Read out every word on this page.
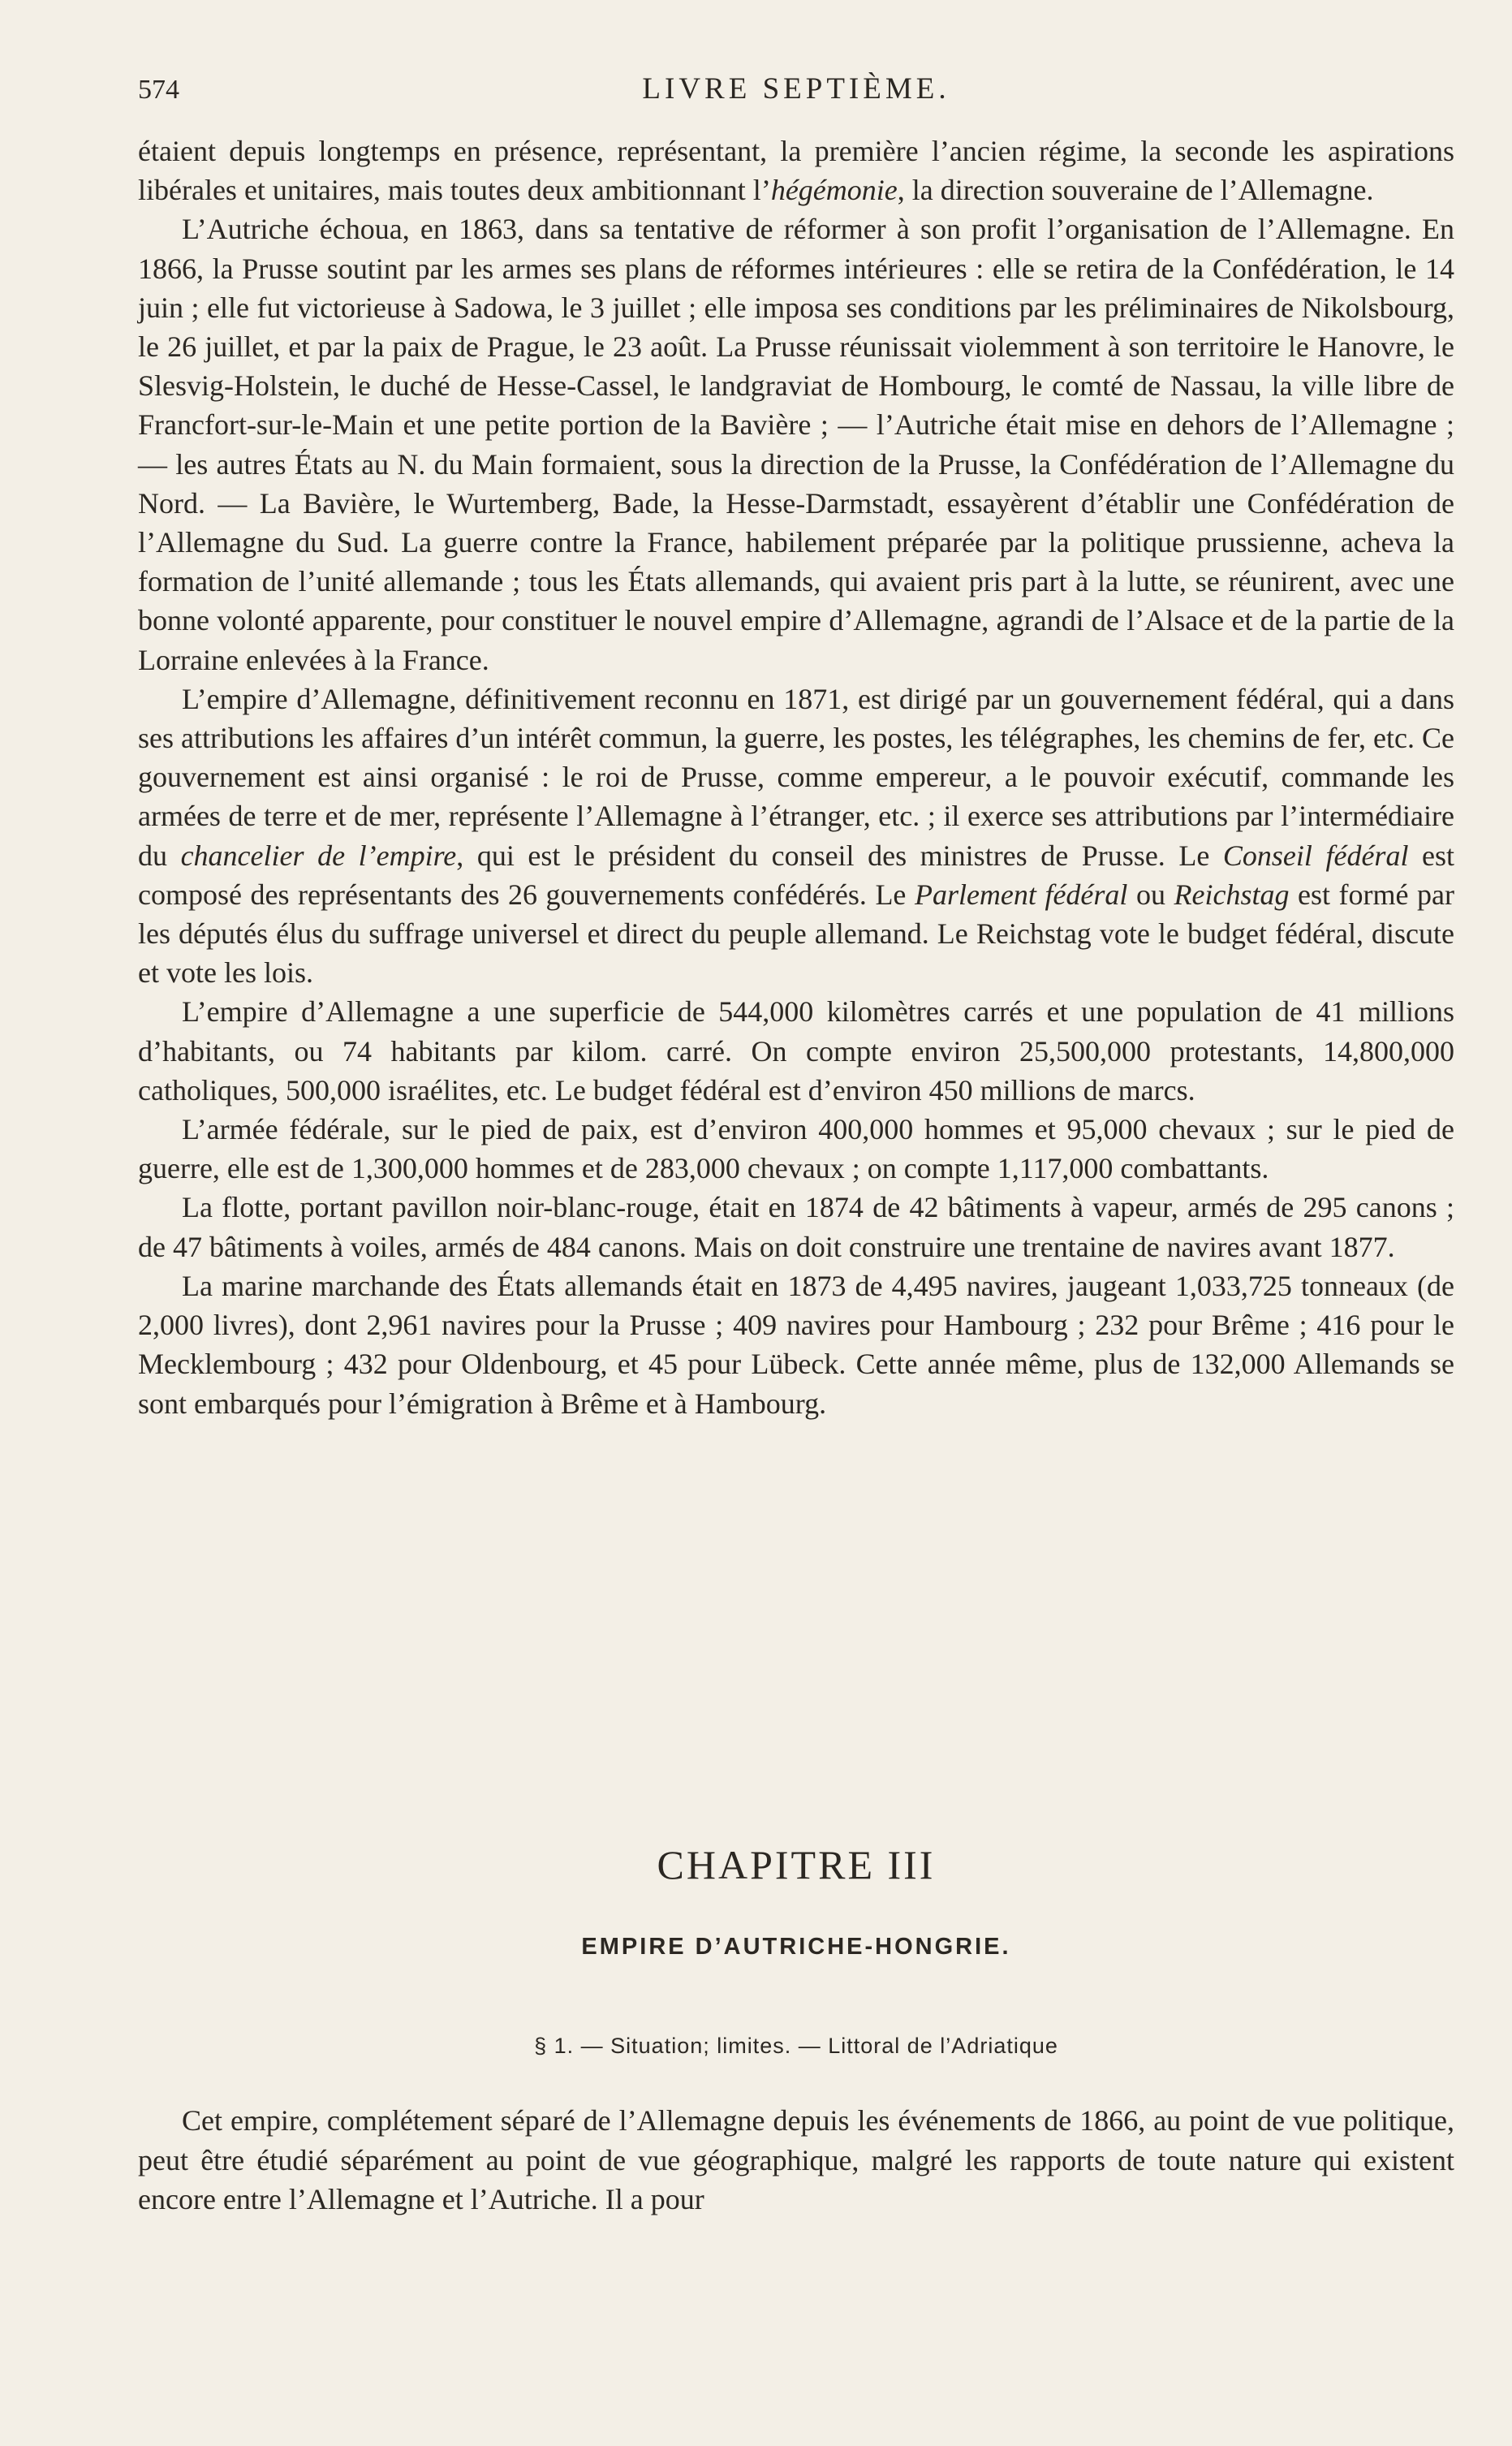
574	LIVRE SEPTIÈME.

étaient depuis longtemps en présence, représentant, la première l’ancien régime, la seconde les aspirations libérales et unitaires, mais toutes deux ambitionnant l’hégémonie, la direction souveraine de l’Allemagne.

L’Autriche échoua, en 1863, dans sa tentative de réformer à son profit l’organisation de l’Allemagne. En 1866, la Prusse soutint par les armes ses plans de réformes intérieures : elle se retira de la Confédération, le 14 juin ; elle fut victorieuse à Sadowa, le 3 juillet ; elle imposa ses conditions par les préliminaires de Nikolsbourg, le 26 juillet, et par la paix de Prague, le 23 août. La Prusse réunissait violemment à son territoire le Hanovre, le Slesvig-Holstein, le duché de Hesse-Cassel, le landgraviat de Hombourg, le comté de Nassau, la ville libre de Francfort-sur-le-Main et une petite portion de la Bavière ; — l’Autriche était mise en dehors de l’Allemagne ; — les autres États au N. du Main formaient, sous la direction de la Prusse, la Confédération de l’Allemagne du Nord. — La Bavière, le Wurtemberg, Bade, la Hesse-Darmstadt, essayèrent d’établir une Confédération de l’Allemagne du Sud. La guerre contre la France, habilement préparée par la politique prussienne, acheva la formation de l’unité allemande ; tous les États allemands, qui avaient pris part à la lutte, se réunirent, avec une bonne volonté apparente, pour constituer le nouvel empire d’Allemagne, agrandi de l’Alsace et de la partie de la Lorraine enlevées à la France.

L’empire d’Allemagne, définitivement reconnu en 1871, est dirigé par un gouvernement fédéral, qui a dans ses attributions les affaires d’un intérêt commun, la guerre, les postes, les télégraphes, les chemins de fer, etc. Ce gouvernement est ainsi organisé : le roi de Prusse, comme empereur, a le pouvoir exécutif, commande les armées de terre et de mer, représente l’Allemagne à l’étranger, etc. ; il exerce ses attributions par l’intermédiaire du chancelier de l’empire, qui est le président du conseil des ministres de Prusse. Le Conseil fédéral est composé des représentants des 26 gouvernements confédérés. Le Parlement fédéral ou Reichstag est formé par les députés élus du suffrage universel et direct du peuple allemand. Le Reichstag vote le budget fédéral, discute et vote les lois.

L’empire d’Allemagne a une superficie de 544,000 kilomètres carrés et une population de 41 millions d’habitants, ou 74 habitants par kilom. carré. On compte environ 25,500,000 protestants, 14,800,000 catholiques, 500,000 israélites, etc. Le budget fédéral est d’environ 450 millions de marcs.

L’armée fédérale, sur le pied de paix, est d’environ 400,000 hommes et 95,000 chevaux ; sur le pied de guerre, elle est de 1,300,000 hommes et de 283,000 chevaux ; on compte 1,117,000 combattants.

La flotte, portant pavillon noir-blanc-rouge, était en 1874 de 42 bâtiments à vapeur, armés de 295 canons ; de 47 bâtiments à voiles, armés de 484 canons. Mais on doit construire une trentaine de navires avant 1877.

La marine marchande des États allemands était en 1873 de 4,495 navires, jaugeant 1,033,725 tonneaux (de 2,000 livres), dont 2,961 navires pour la Prusse ; 409 navires pour Hambourg ; 232 pour Brême ; 416 pour le Mecklembourg ; 432 pour Oldenbourg, et 45 pour Lübeck. Cette année même, plus de 132,000 Allemands se sont embarqués pour l’émigration à Brême et à Hambourg.

CHAPITRE III
EMPIRE D’AUTRICHE-HONGRIE.
§ 1. — Situation; limites. — Littoral de l’Adriatique

Cet empire, complétement séparé de l’Allemagne depuis les événements de 1866, au point de vue politique, peut être étudié séparément au point de vue géographique, malgré les rapports de toute nature qui existent encore entre l’Allemagne et l’Autriche. Il a pour
